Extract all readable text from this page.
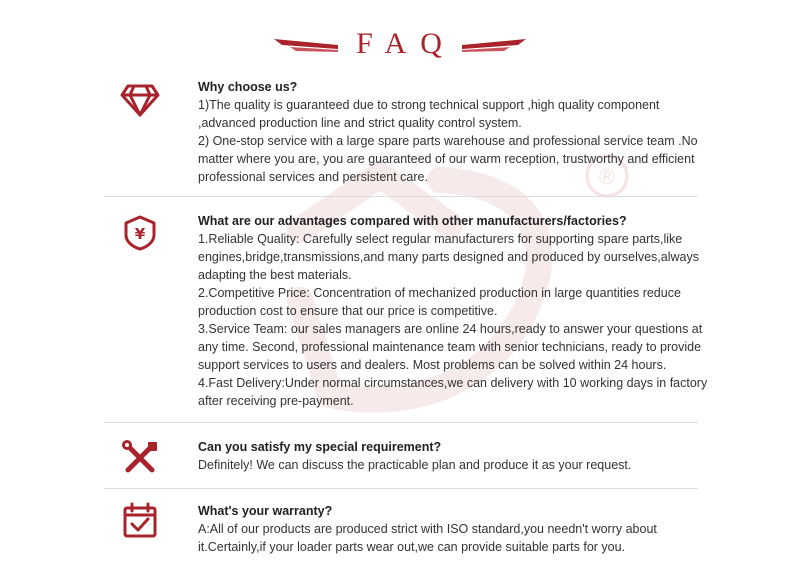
®
FAQ
Why choose us?
1)The quality is guaranteed due to strong technical support ,high quality component ,advanced production line and strict quality control system.
2) One-stop service with a large spare parts warehouse and professional service team .No matter where you are, you are guaranteed of our warm reception, trustworthy and efficient professional services and persistent care.
¥
What are our advantages compared with other manufacturers/factories?
1.Reliable Quality: Carefully select regular manufacturers for supporting spare parts,like engines,bridge,transmissions,and many parts designed and produced by ourselves,always adapting the best materials.
2.Competitive Price: Concentration of mechanized production in large quantities reduce production cost to ensure that our price is competitive.
3.Service Team: our sales managers are online 24 hours,ready to answer your questions at any time. Second, professional maintenance team with senior technicians, ready to provide support services to users and dealers. Most problems can be solved within 24 hours.
4.Fast Delivery:Under normal circumstances,we can delivery with 10 working days in factory after receiving pre-payment.
Can you satisfy my special requirement?
Definitely! We can discuss the practicable plan and produce it as your request.
What's your warranty?
A:All of our products are produced strict with ISO standard,you needn't worry about it.Certainly,if your loader parts wear out,we can provide suitable parts for you.
